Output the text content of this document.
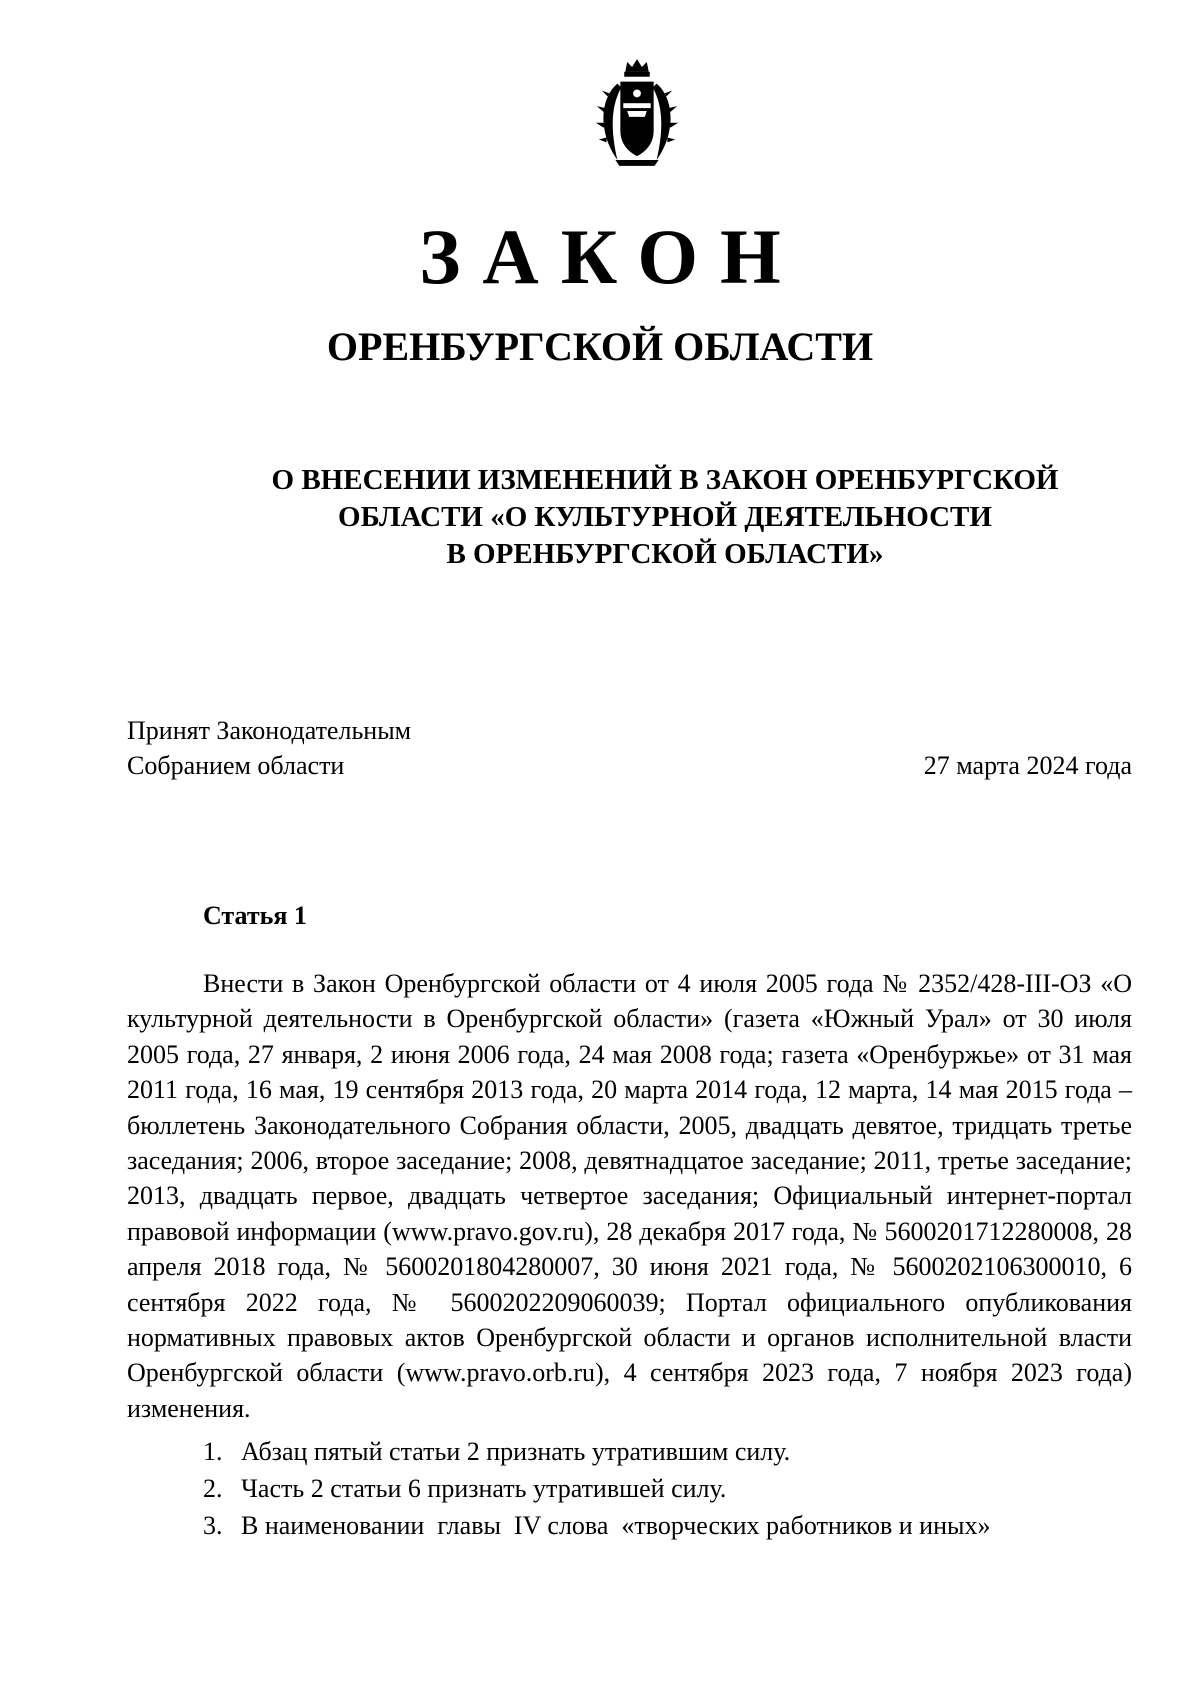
ЗАКОН
ОРЕНБУРГСКОЙ ОБЛАСТИ
О ВНЕСЕНИИ ИЗМЕНЕНИЙ В ЗАКОН ОРЕНБУРГСКОЙ
ОБЛАСТИ «О КУЛЬТУРНОЙ ДЕЯТЕЛЬНОСТИ
В ОРЕНБУРГСКОЙ ОБЛАСТИ»
Принят Законодательным
Собранием области	27 марта 2024 года
Статья 1

Внести в Закон Оренбургской области от 4 июля 2005 года № 2352/428-III-ОЗ «О культурной деятельности в Оренбургской области» (газета «Южный Урал» от 30 июля 2005 года, 27 января, 2 июня 2006 года, 24 мая 2008 года; газета «Оренбуржье» от 31 мая 2011 года, 16 мая, 19 сентября 2013 года, 20 марта 2014 года, 12 марта, 14 мая 2015 года – бюллетень Законодательного Собрания области, 2005, двадцать девятое, тридцать третье заседания; 2006, второе заседание; 2008, девятнадцатое заседание; 2011, третье заседание; 2013, двадцать первое, двадцать четвертое заседания; Официальный интернет-портал правовой информации (www.pravo.gov.ru), 28 декабря 2017 года, № 5600201712280008, 28 апреля 2018 года, № 5600201804280007, 30 июня 2021 года, № 5600202106300010, 6 сентября 2022 года, № 5600202209060039; Портал официального опубликования нормативных правовых актов Оренбургской области и органов исполнительной власти Оренбургской области (www.pravo.orb.ru), 4 сентября 2023 года, 7 ноября 2023 года) изменения.

1. Абзац пятый статьи 2 признать утратившим силу.
2. Часть 2 статьи 6 признать утратившей силу.
3. В наименовании  главы  IV слова  «творческих работников и иных»
